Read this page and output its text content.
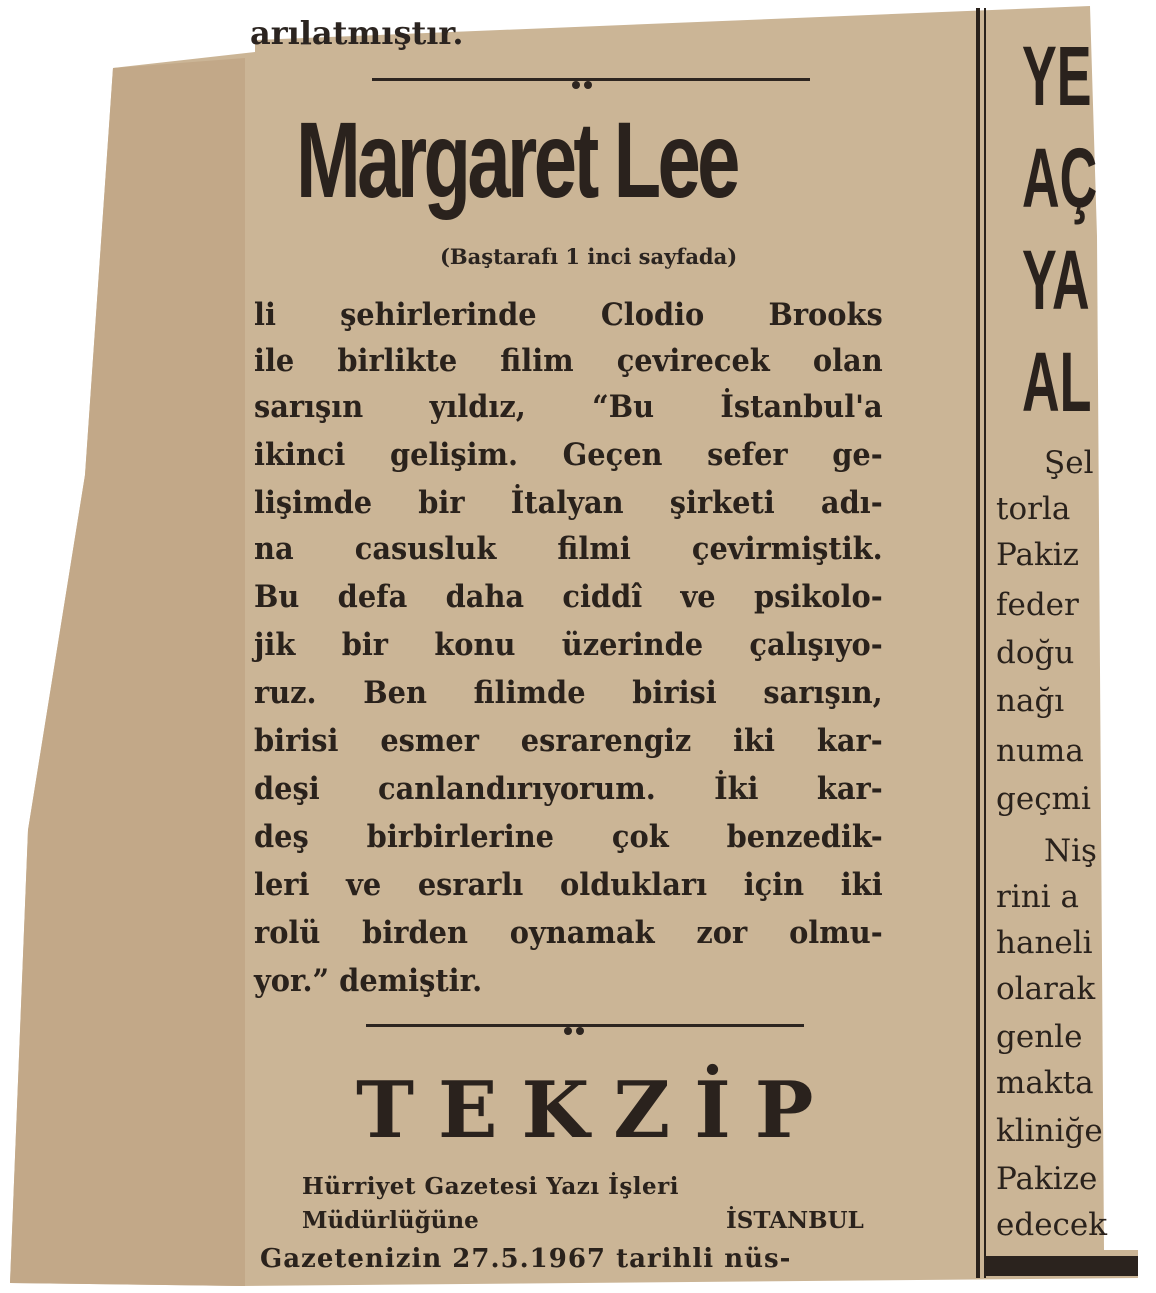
arılatmıştır.
Margaret Lee
(Baştarafı 1 inci sayfada)
li şehirlerinde Clodio Brooks
ile birlikte filim çevirecek olan
sarışın yıldız, “Bu İstanbul'a
ikinci gelişim. Geçen sefer ge-
lişimde bir İtalyan şirketi adı-
na casusluk filmi çevirmiştik.
Bu defa daha ciddî ve psikolo-
jik bir konu üzerinde çalışıyo-
ruz. Ben filimde birisi sarışın,
birisi esmer esrarengiz iki kar-
deşi canlandırıyorum. İki kar-
deş birbirlerine çok benzedik-
leri ve esrarlı oldukları için iki
rolü birden oynamak zor olmu-
yor.” demiştir.
TEKZİP
Hürriyet Gazetesi Yazı İşleri
Müdürlüğüne	İSTANBUL
Gazetenizin 27.5.1967 tarihli nüs-
YE
AÇ
YA
AL
Şel
torla
Pakiz
feder
doğu
nağı
numa
geçmi
Niş
rini a
haneli
olarak
genle
makta
kliniğe
Pakize
edecek
